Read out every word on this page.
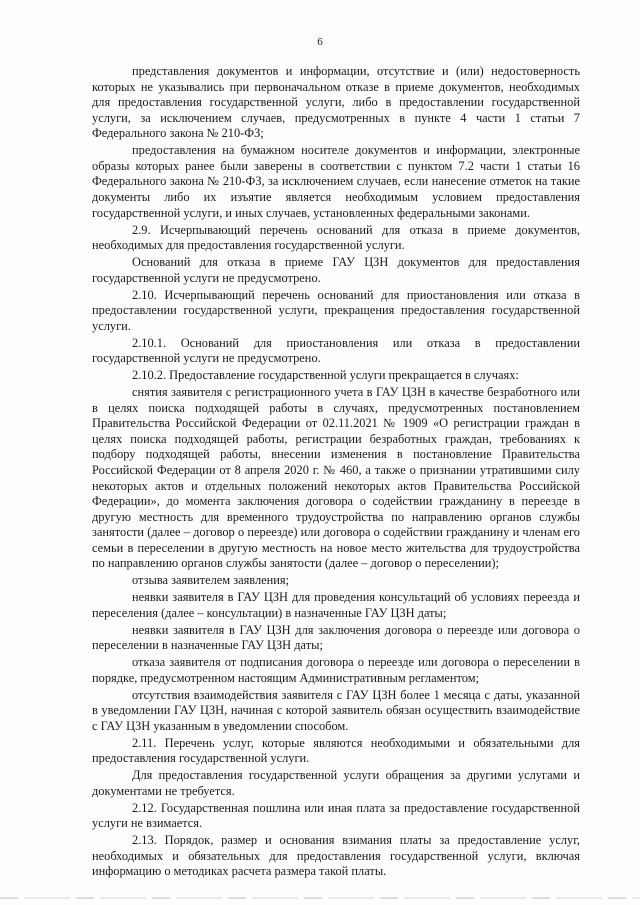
6

представления документов и информации, отсутствие и (или) недостоверность которых не указывались при первоначальном отказе в приеме документов, необходимых для предоставления государственной услуги, либо в предоставлении государственной услуги, за исключением случаев, предусмотренных в пункте 4 части 1 статьи 7 Федерального закона № 210-ФЗ;

предоставления на бумажном носителе документов и информации, электронные образы которых ранее были заверены в соответствии с пунктом 7.2 части 1 статьи 16 Федерального закона № 210-ФЗ, за исключением случаев, если нанесение отметок на такие документы либо их изъятие является необходимым условием предоставления государственной услуги, и иных случаев, установленных федеральными законами.

2.9. Исчерпывающий перечень оснований для отказа в приеме документов, необходимых для предоставления государственной услуги.

Оснований для отказа в приеме ГАУ ЦЗН документов для предоставления государственной услуги не предусмотрено.

2.10. Исчерпывающий перечень оснований для приостановления или отказа в предоставлении государственной услуги, прекращения предоставления государственной услуги.

2.10.1. Оснований для приостановления или отказа в предоставлении государственной услуги не предусмотрено.

2.10.2. Предоставление государственной услуги прекращается в случаях:

снятия заявителя с регистрационного учета в ГАУ ЦЗН в качестве безработного или в целях поиска подходящей работы в случаях, предусмотренных постановлением Правительства Российской Федерации от 02.11.2021 № 1909 «О регистрации граждан в целях поиска подходящей работы, регистрации безработных граждан, требованиях к подбору подходящей работы, внесении изменения в постановление Правительства Российской Федерации от 8 апреля 2020 г. № 460, а также о признании утратившими силу некоторых актов и отдельных положений некоторых актов Правительства Российской Федерации», до момента заключения договора о содействии гражданину в переезде в другую местность для временного трудоустройства по направлению органов службы занятости (далее – договор о переезде) или договора о содействии гражданину и членам его семьи в переселении в другую местность на новое место жительства для трудоустройства по направлению органов службы занятости (далее – договор о переселении);

отзыва заявителем заявления;

неявки заявителя в ГАУ ЦЗН для проведения консультаций об условиях переезда и переселения (далее – консультации) в назначенные ГАУ ЦЗН даты;

неявки заявителя в ГАУ ЦЗН для заключения договора о переезде или договора о переселении в назначенные ГАУ ЦЗН даты;

отказа заявителя от подписания договора о переезде или договора о переселении в порядке, предусмотренном настоящим Административным регламентом;

отсутствия взаимодействия заявителя с ГАУ ЦЗН более 1 месяца с даты, указанной в уведомлении ГАУ ЦЗН, начиная с которой заявитель обязан осуществить взаимодействие с ГАУ ЦЗН указанным в уведомлении способом.

2.11. Перечень услуг, которые являются необходимыми и обязательными для предоставления государственной услуги.

Для предоставления государственной услуги обращения за другими услугами и документами не требуется.

2.12. Государственная пошлина или иная плата за предоставление государственной услуги не взимается.

2.13. Порядок, размер и основания взимания платы за предоставление услуг, необходимых и обязательных для предоставления государственной услуги, включая информацию о методиках расчета размера такой платы.
